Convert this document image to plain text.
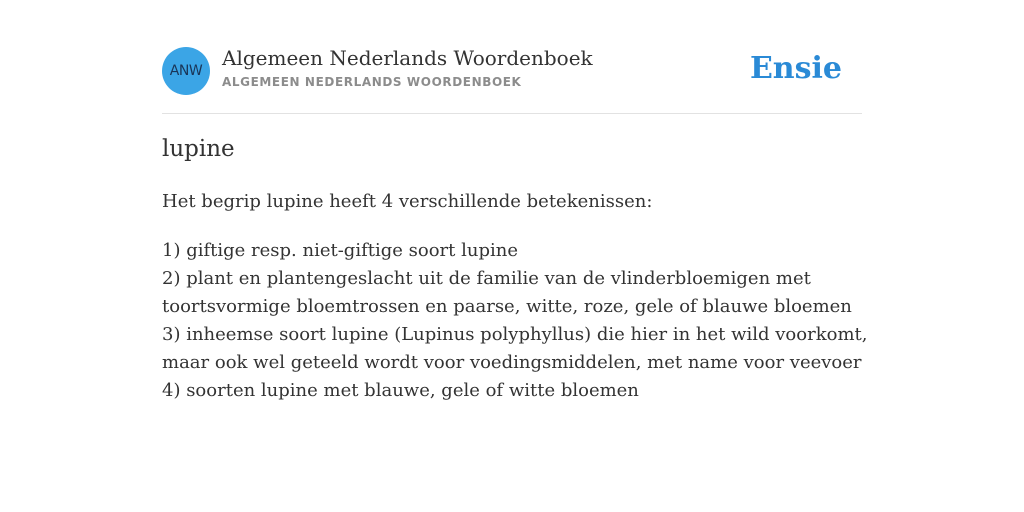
ANW
Algemeen Nederlands Woordenboek
ALGEMEEN NEDERLANDS WOORDENBOEK	Ensie
lupine
Het begrip lupine heeft 4 verschillende betekenissen:
1) giftige resp. niet-giftige soort lupine
2) plant en plantengeslacht uit de familie van de vlinderbloemigen met
toortsvormige bloemtrossen en paarse, witte, roze, gele of blauwe bloemen
3) inheemse soort lupine (Lupinus polyphyllus) die hier in het wild voorkomt,
maar ook wel geteeld wordt voor voedingsmiddelen, met name voor veevoer
4) soorten lupine met blauwe, gele of witte bloemen
